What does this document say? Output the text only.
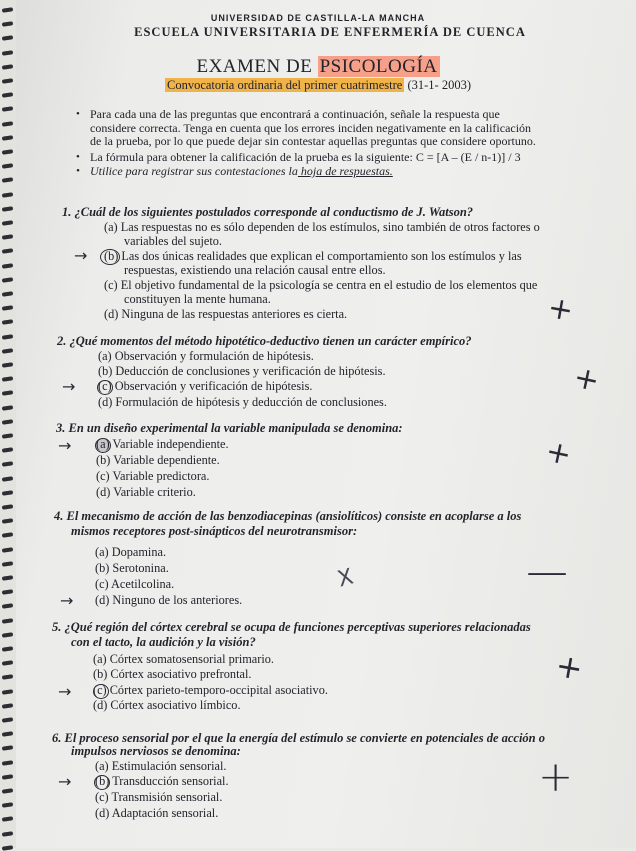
UNIVERSIDAD DE CASTILLA-LA MANCHA
ESCUELA UNIVERSITARIA DE ENFERMERÍA DE CUENCA
EXAMEN DE PSICOLOGÍA
Convocatoria ordinaria del primer cuatrimestre (31-1- 2003)
• Para cada una de las preguntas que encontrará a continuación, señale la respuesta que
considere correcta. Tenga en cuenta que los errores inciden negativamente en la calificación
de la prueba, por lo que puede dejar sin contestar aquellas preguntas que considere oportuno.
• La fórmula para obtener la calificación de la prueba es la siguiente: C = [A – (E / n-1)] / 3
• Utilice para registrar sus contestaciones la hoja de respuestas.
1. ¿Cuál de los siguientes postulados corresponde al conductismo de J. Watson?
(a) Las respuestas no es sólo dependen de los estímulos, sino también de otros factores o
variables del sujeto.
(b) Las dos únicas realidades que explican el comportamiento son los estímulos y las
respuestas, existiendo una relación causal entre ellos.
(c) El objetivo fundamental de la psicología se centra en el estudio de los elementos que
constituyen la mente humana.
(d) Ninguna de las respuestas anteriores es cierta.
→
+
2. ¿Qué momentos del método hipotético-deductivo tienen un carácter empírico?
(a) Observación y formulación de hipótesis.
(b) Deducción de conclusiones y verificación de hipótesis.
(c) Observación y verificación de hipótesis.
(d) Formulación de hipótesis y deducción de conclusiones.
→	+
3. En un diseño experimental la variable manipulada se denomina:
(a) Variable independiente.
(b) Variable dependiente.
(c) Variable predictora.
(d) Variable criterio.
→	+
4. El mecanismo de acción de las benzodiacepinas (ansiolíticos) consiste en acoplarse a los
mismos receptores post-sinápticos del neurotransmisor:
(a) Dopamina.
(b) Serotonina.
(c) Acetilcolina.
(d) Ninguno de los anteriores.
→
X	—
5. ¿Qué región del córtex cerebral se ocupa de funciones perceptivas superiores relacionadas
con el tacto, la audición y la visión?
(a) Córtex somatosensorial primario.
(b) Córtex asociativo prefrontal.
(c) Córtex parieto-temporo-occipital asociativo.
(d) Córtex asociativo límbico.
→
+
6. El proceso sensorial por el que la energía del estímulo se convierte en potenciales de acción o
impulsos nerviosos se denomina:
(a) Estimulación sensorial.
(b) Transducción sensorial.
(c) Transmisión sensorial.
(d) Adaptación sensorial.
→	+
